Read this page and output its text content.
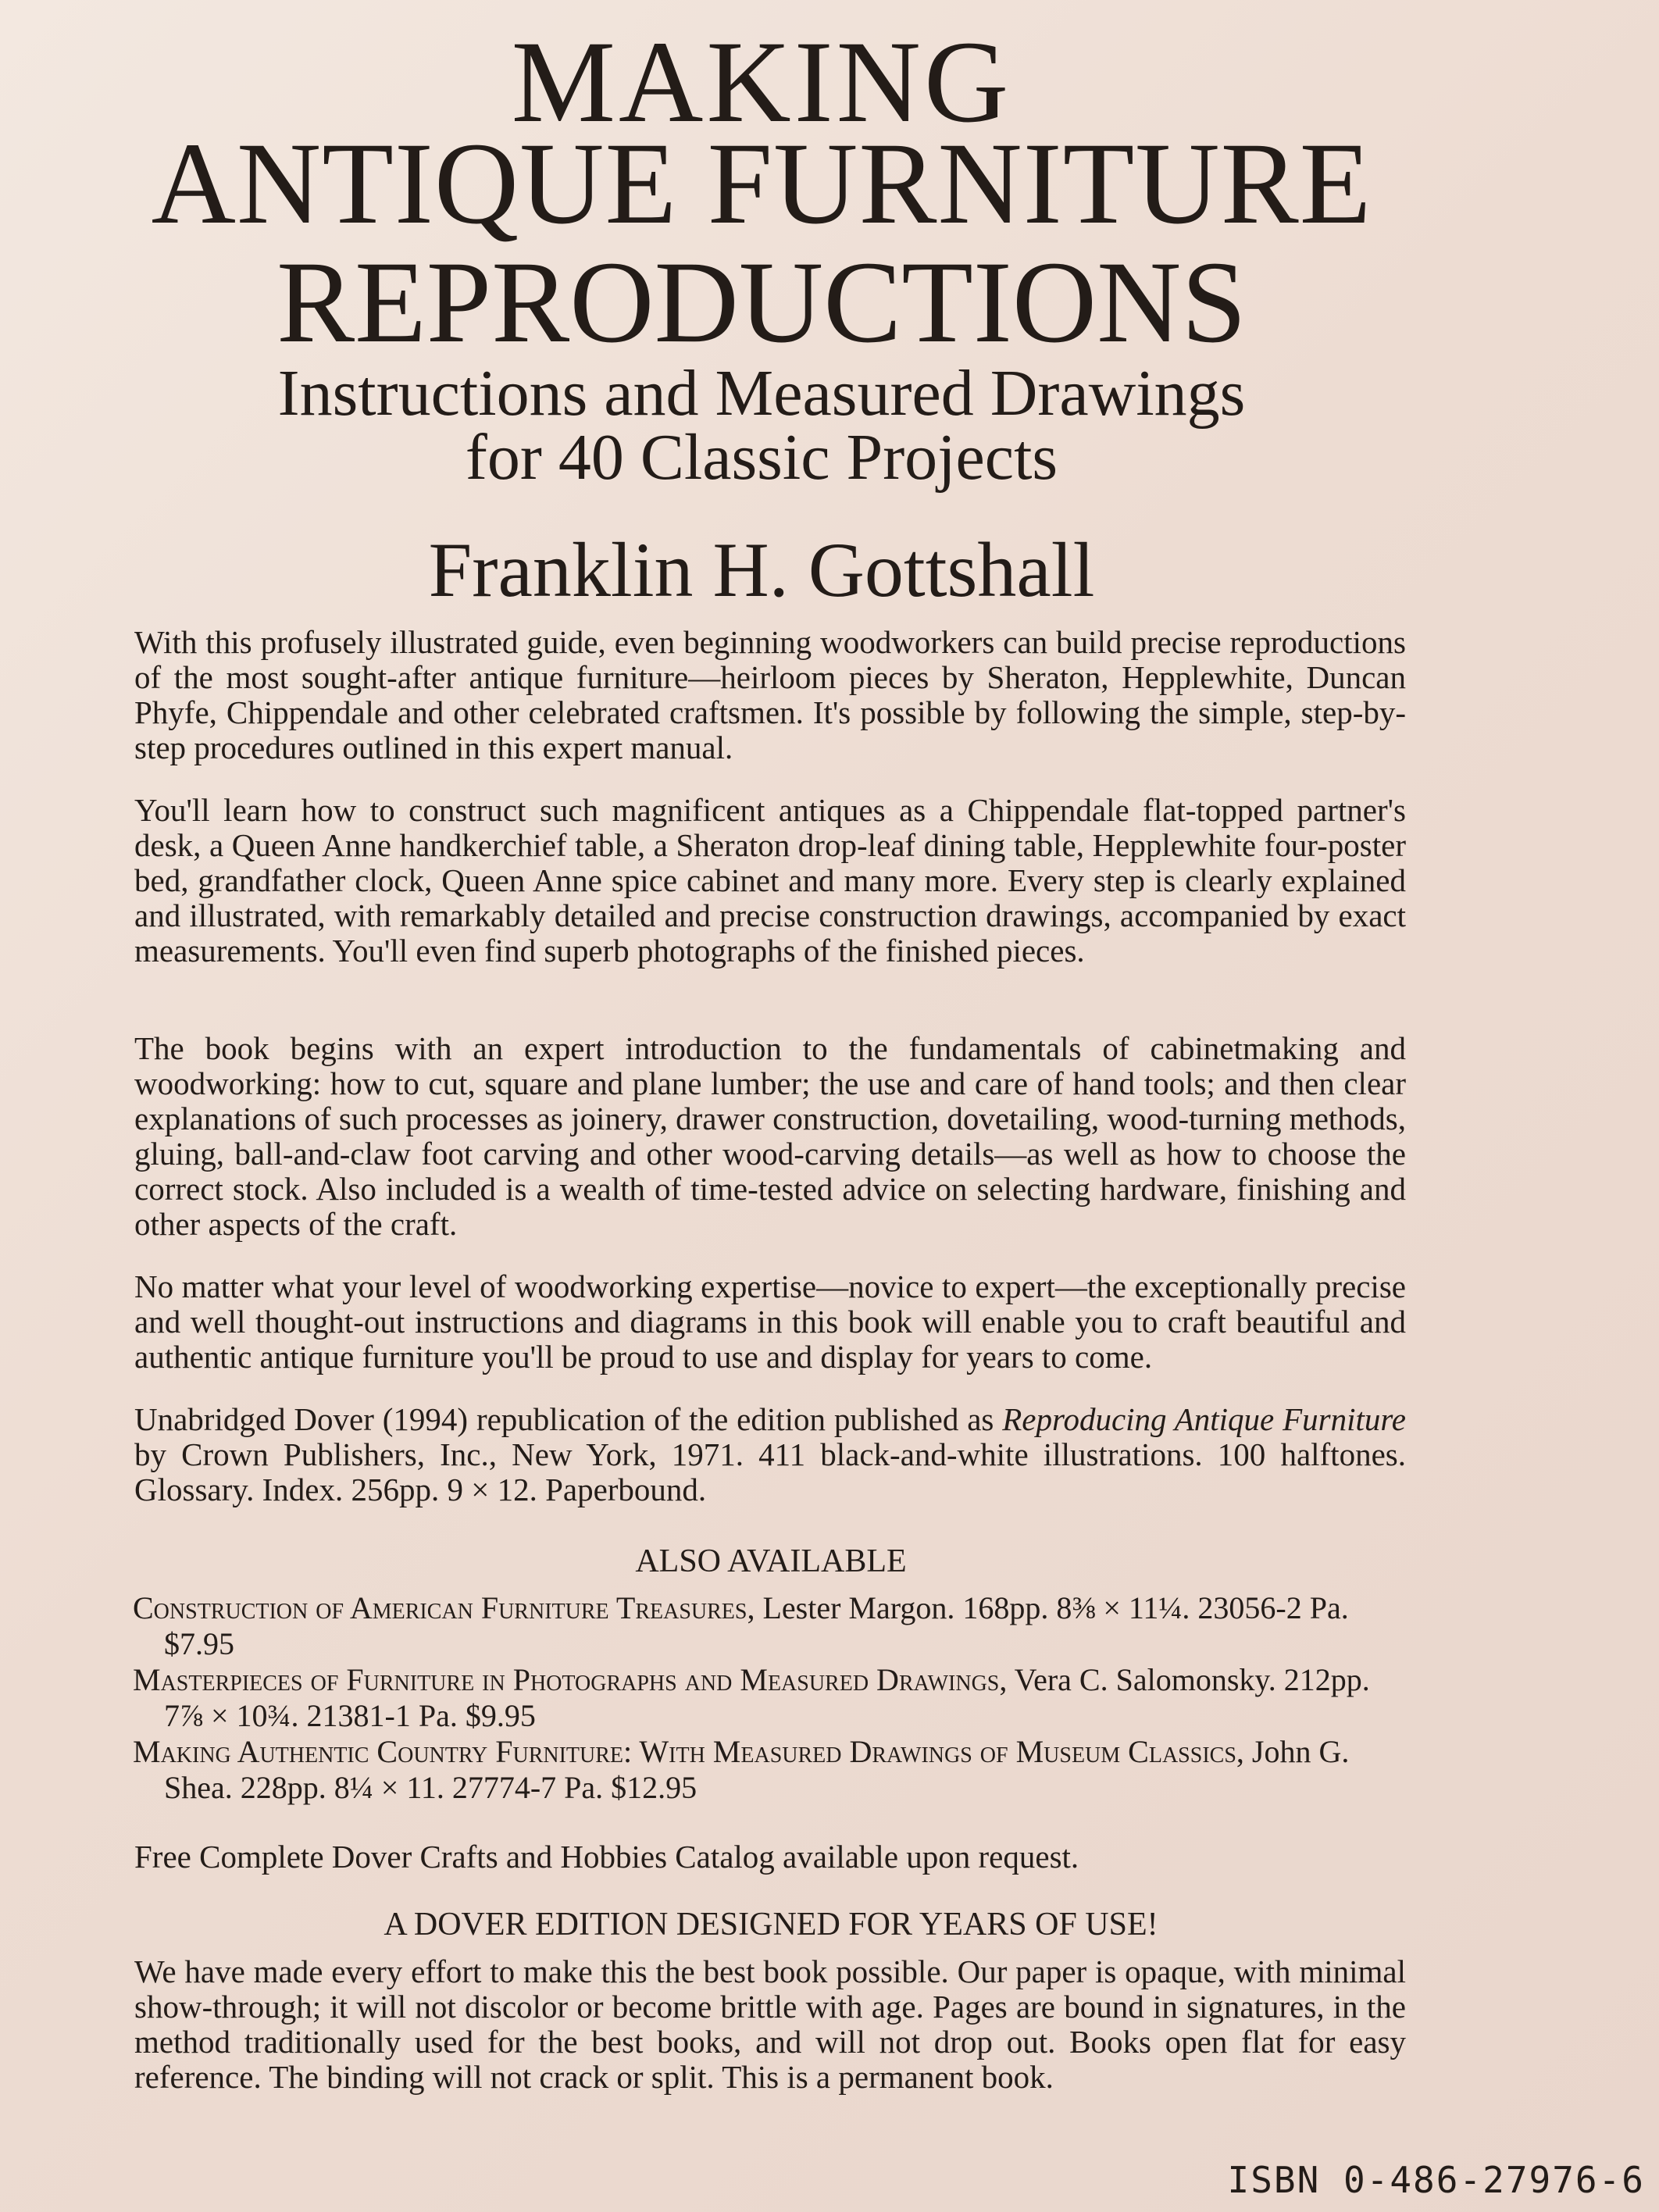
MAKING
ANTIQUE FURNITURE
REPRODUCTIONS
Instructions and Measured Drawings
for 40 Classic Projects
Franklin H. Gottshall

With this profusely illustrated guide, even beginning woodworkers can build precise reproductions of the most sought-after antique furniture—heirloom pieces by Sheraton, Hepplewhite, Duncan Phyfe, Chippendale and other celebrated craftsmen. It's possible by following the simple, step-by-step procedures outlined in this expert manual.

You'll learn how to construct such magnificent antiques as a Chippendale flat-topped partner's desk, a Queen Anne handkerchief table, a Sheraton drop-leaf dining table, Hepplewhite four-poster bed, grandfather clock, Queen Anne spice cabinet and many more. Every step is clearly explained and illustrated, with remarkably detailed and precise construction drawings, accompanied by exact measurements. You'll even find superb photographs of the finished pieces.

The book begins with an expert introduction to the fundamentals of cabinetmaking and woodworking: how to cut, square and plane lumber; the use and care of hand tools; and then clear explanations of such processes as joinery, drawer construction, dovetailing, wood-turning methods, gluing, ball-and-claw foot carving and other wood-carving details—as well as how to choose the correct stock. Also included is a wealth of time-tested advice on selecting hardware, finishing and other aspects of the craft.

No matter what your level of woodworking expertise—novice to expert—the exceptionally precise and well thought-out instructions and diagrams in this book will enable you to craft beautiful and authentic antique furniture you'll be proud to use and display for years to come.

Unabridged Dover (1994) republication of the edition published as Reproducing Antique Furniture by Crown Publishers, Inc., New York, 1971. 411 black-and-white illustrations. 100 halftones. Glossary. Index. 256pp. 9 × 12. Paperbound.

ALSO AVAILABLE
Construction of American Furniture Treasures, Lester Margon. 168pp. 8⅜ × 11¼. 23056-2 Pa. $7.95
Masterpieces of Furniture in Photographs and Measured Drawings, Vera C. Salomonsky. 212pp. 7⅞ × 10¾. 21381-1 Pa. $9.95
Making Authentic Country Furniture: With Measured Drawings of Museum Classics, John G. Shea. 228pp. 8¼ × 11. 27774-7 Pa. $12.95

Free Complete Dover Crafts and Hobbies Catalog available upon request.

A DOVER EDITION DESIGNED FOR YEARS OF USE!

We have made every effort to make this the best book possible. Our paper is opaque, with minimal show-through; it will not discolor or become brittle with age. Pages are bound in signatures, in the method traditionally used for the best books, and will not drop out. Books open flat for easy reference. The binding will not crack or split. This is a permanent book.

ISBN 0-486-27976-6
